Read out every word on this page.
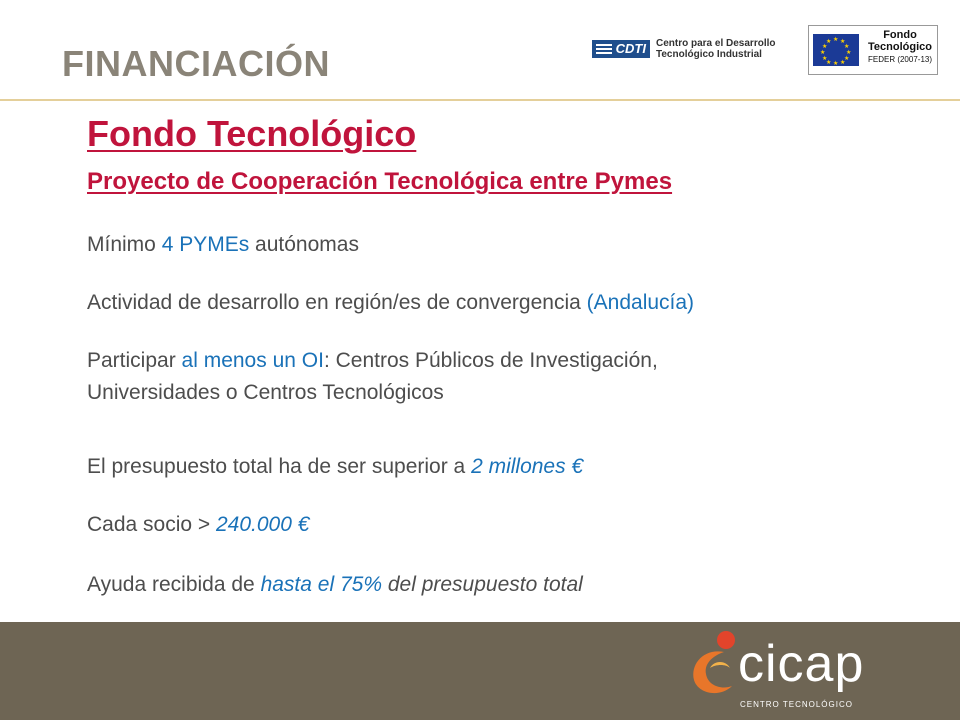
FINANCIACIÓN	CDTI	Centro para el Desarrollo
Tecnológico Industrial
★ ★
★
★
★
★
★
★
★
★
★
★
Fondo
Tecnológico
FEDER (2007-13)
Fondo Tecnológico
Proyecto de Cooperación Tecnológica entre Pymes
Mínimo 4 PYMEs autónomas
Actividad de desarrollo en región/es de convergencia (Andalucía)
Participar al menos un OI: Centros Públicos de Investigación,
Universidades o Centros Tecnológicos
El presupuesto total ha de ser superior a 2 millones €
Cada socio > 240.000 €
Ayuda recibida de hasta el 75% del presupuesto total
cicap
CENTRO TECNOLÓGICO
